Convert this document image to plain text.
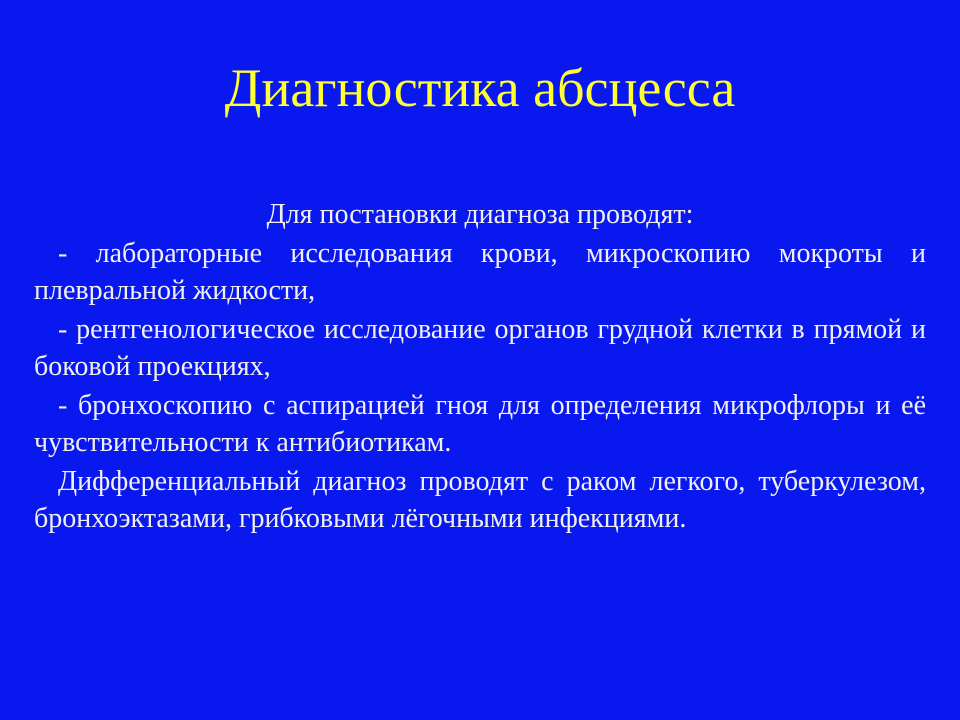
Диагностика абсцесса

Для постановки диагноза проводят:

- лабораторные исследования крови, микроскопию мокроты и плевральной жидкости,

- рентгенологическое исследование органов грудной клетки в прямой и боковой проекциях,

- бронхоскопию с аспирацией гноя для определения микрофлоры и её чувствительности к антибиотикам.

Дифференциальный диагноз проводят с раком легкого, туберкулезом, бронхоэктазами, грибковыми лёгочными инфекциями.
